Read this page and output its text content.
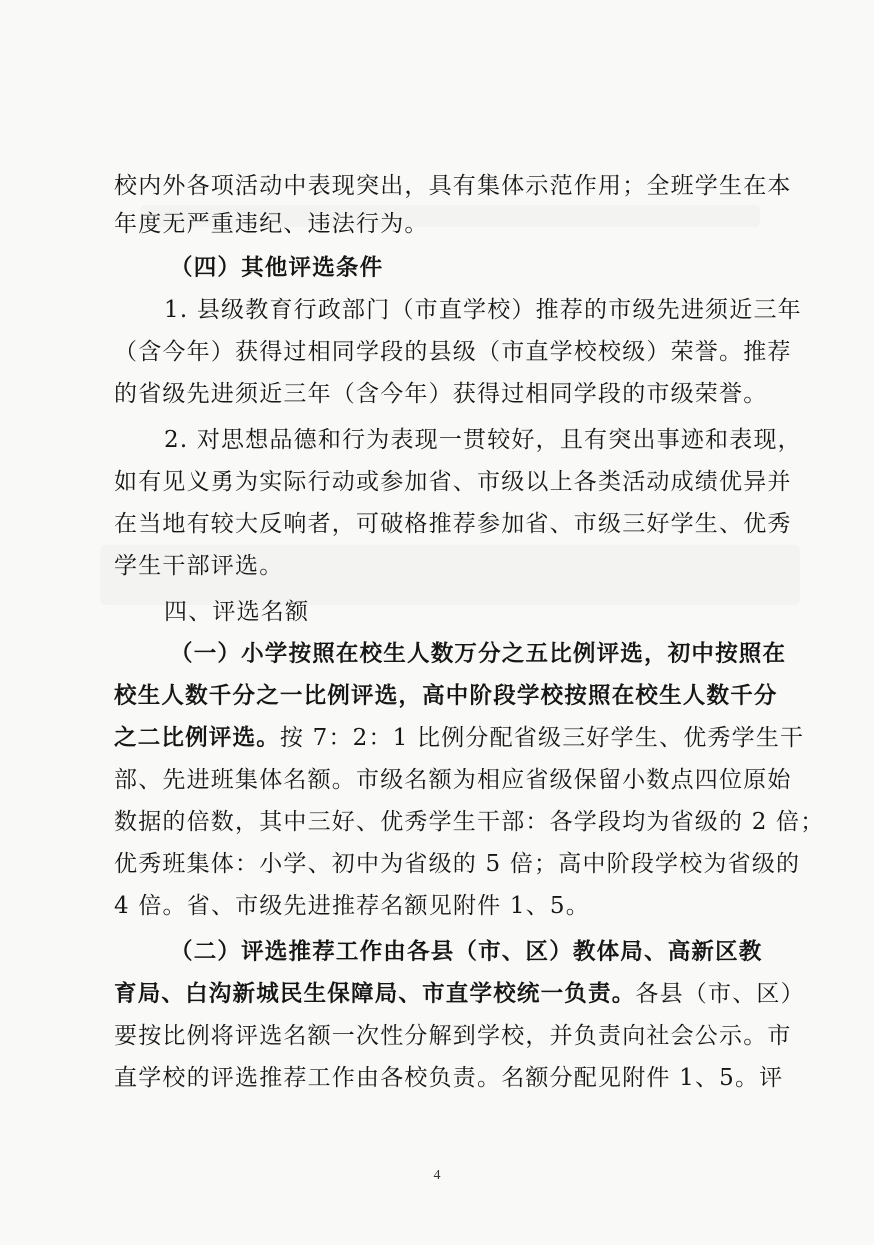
校内外各项活动中表现突出，具有集体示范作用；全班学生在本
年度无严重违纪、违法行为。
（四）其他评选条件
1. 县级教育行政部门（市直学校）推荐的市级先进须近三年
（含今年）获得过相同学段的县级（市直学校校级）荣誉。推荐
的省级先进须近三年（含今年）获得过相同学段的市级荣誉。
2. 对思想品德和行为表现一贯较好，且有突出事迹和表现，
如有见义勇为实际行动或参加省、市级以上各类活动成绩优异并
在当地有较大反响者，可破格推荐参加省、市级三好学生、优秀
学生干部评选。
四、评选名额
（一）小学按照在校生人数万分之五比例评选，初中按照在
校生人数千分之一比例评选，高中阶段学校按照在校生人数千分
之二比例评选。按 7：2：1 比例分配省级三好学生、优秀学生干
部、先进班集体名额。市级名额为相应省级保留小数点四位原始
数据的倍数，其中三好、优秀学生干部：各学段均为省级的 2 倍；
优秀班集体：小学、初中为省级的 5 倍；高中阶段学校为省级的
4 倍。省、市级先进推荐名额见附件 1、5。
（二）评选推荐工作由各县（市、区）教体局、高新区教
育局、白沟新城民生保障局、市直学校统一负责。各县（市、区）
要按比例将评选名额一次性分解到学校，并负责向社会公示。市
直学校的评选推荐工作由各校负责。名额分配见附件 1、5。评
4
